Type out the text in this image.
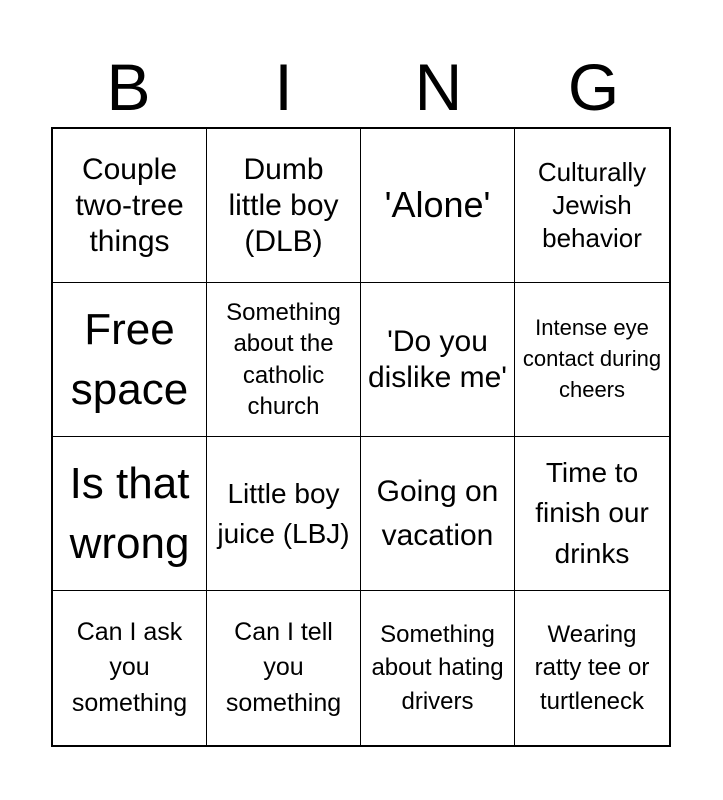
B	I	N	G
Couple two-tree things
Dumb little boy (DLB)
'Alone'
Culturally Jewish behavior
Free space
Something about the catholic church
'Do you dislike me'
Intense eye contact during cheers
Is that wrong
Little boy juice (LBJ)
Going on vacation
Time to finish our drinks
Can I ask you something
Can I tell you something
Something about hating drivers
Wearing ratty tee or turtleneck
